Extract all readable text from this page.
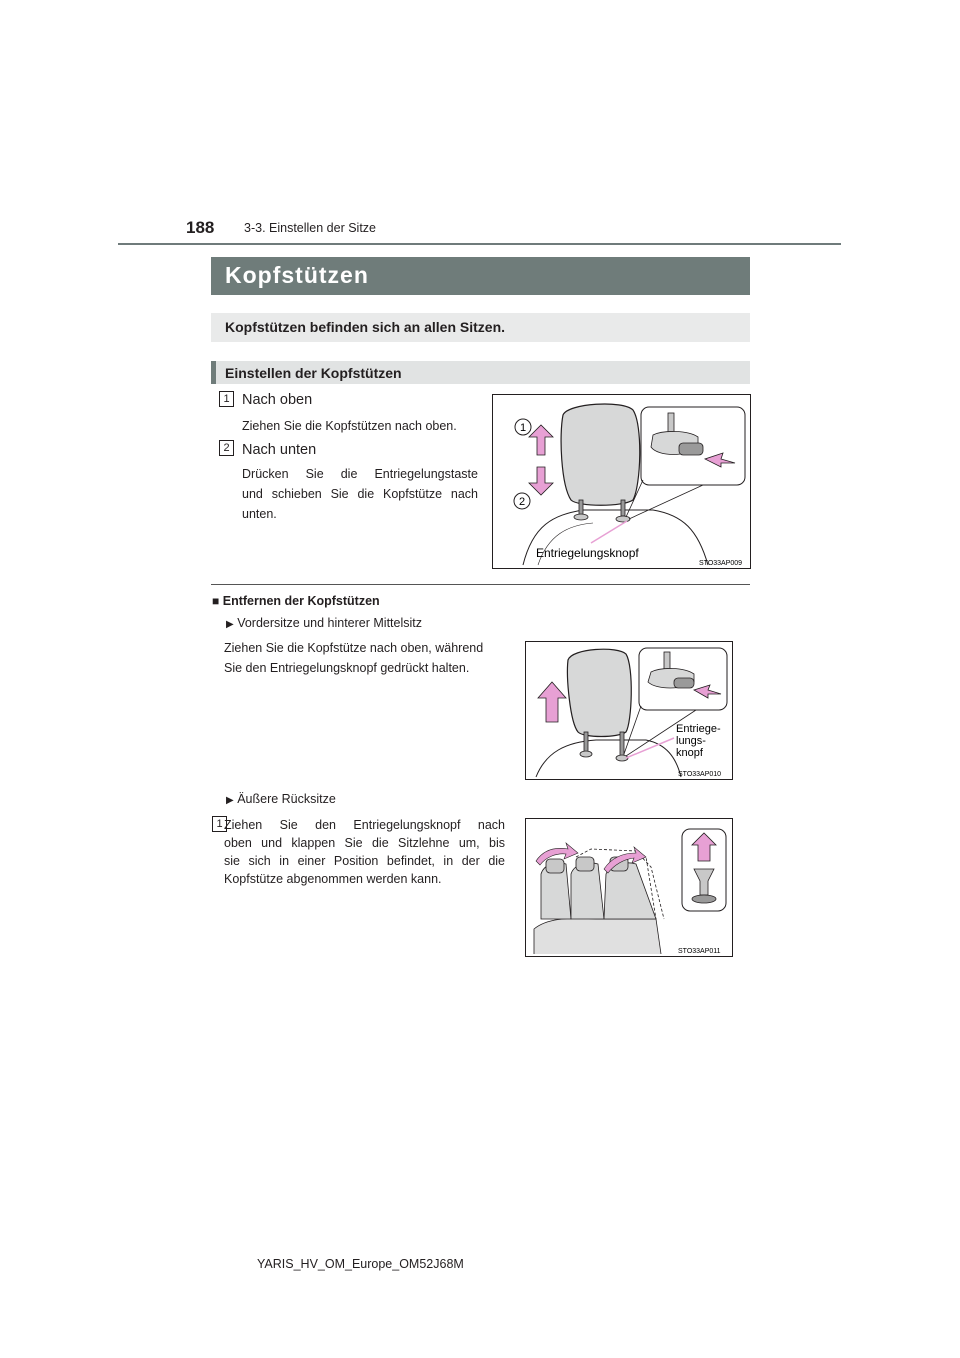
188 3-3. Einstellen der Sitze
Kopfstützen
Kopfstützen befinden sich an allen Sitzen.
Einstellen der Kopfstützen
1 Nach oben
Ziehen Sie die Kopfstützen nach oben.
2 Nach unten
Drücken Sie die Entriegelungstaste
und schieben Sie die Kopfstütze nach
unten.
1
2
Entriegelungsknopf
STO33AP009
■ Entfernen der Kopfstützen
▶ Vordersitze und hinterer Mittelsitz
Ziehen Sie die Kopfstütze nach oben, während
Sie den Entriegelungsknopf gedrückt halten.
Entriege-
lungs-
knopf
STO33AP010
▶ Äußere Rücksitze
1 Ziehen Sie den Entriegelungsknopf nach
oben und klappen Sie die Sitzlehne um, bis
sie sich in einer Position befindet, in der die
Kopfstütze abgenommen werden kann.
STO33AP011
YARIS_HV_OM_Europe_OM52J68M
